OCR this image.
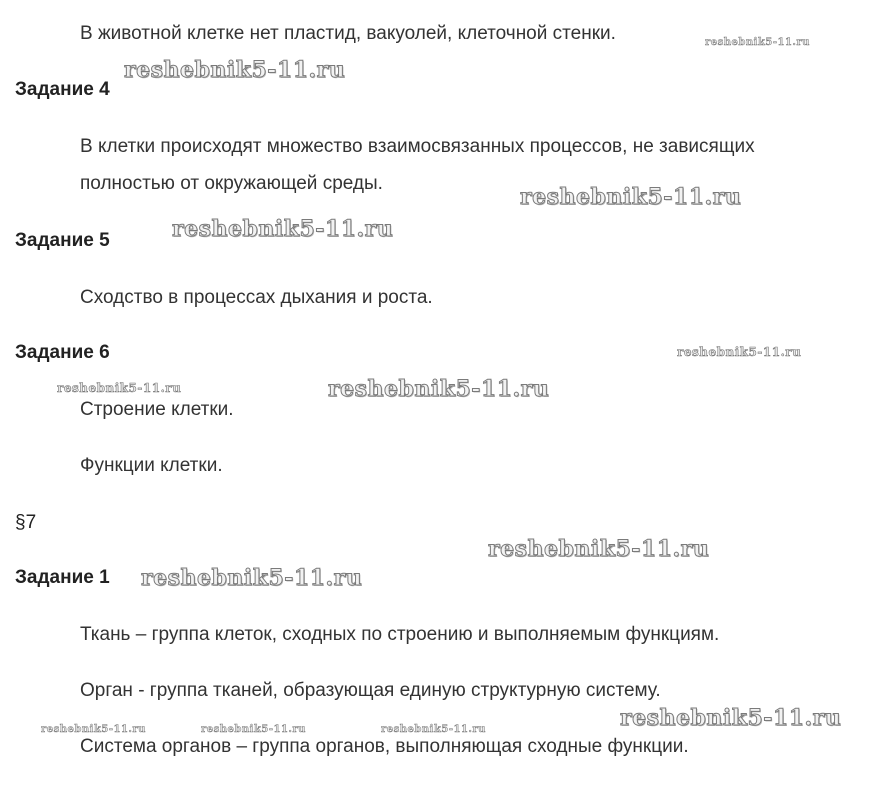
В животной клетке нет пластид, вакуолей, клеточной стенки.
Задание 4
В клетки происходят множество взаимосвязанных процессов, не зависящих
полностью от окружающей среды.
Задание 5
Сходство в процессах дыхания и роста.
Задание 6
Строение клетки.
Функции клетки.
§7
Задание 1
Ткань – группа клеток, сходных по строению и выполняемым функциям.
Орган - группа тканей, образующая единую структурную систему.
Система органов – группа органов, выполняющая сходные функции.
reshebnik5-11.ru
reshebnik5-11.ru
reshebnik5-11.ru
reshebnik5-11.ru
reshebnik5-11.ru
reshebnik5-11.ru	reshebnik5-11.ru
reshebnik5-11.ru
reshebnik5-11.ru
reshebnik5-11.ru
reshebnik5-11.ru	reshebnik5-11.ru	reshebnik5-11.ru
